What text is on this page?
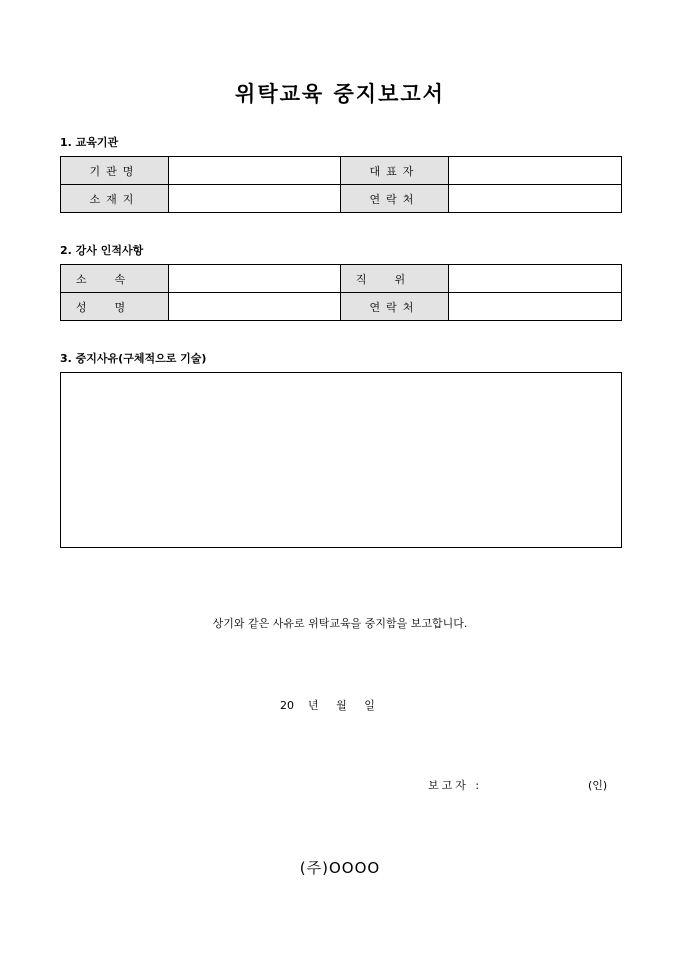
위탁교육 중지보고서
1. 교육기관
기관명		대표자	
소재지		연락처	
2. 강사 인적사항
소속		직위	
성명		연락처	
3. 중지사유(구체적으로 기술)
상기와 같은 사유로 위탁교육을 중지함을 보고합니다.
20    년     월     일
보고자 :	(인)
(주)OOOO
